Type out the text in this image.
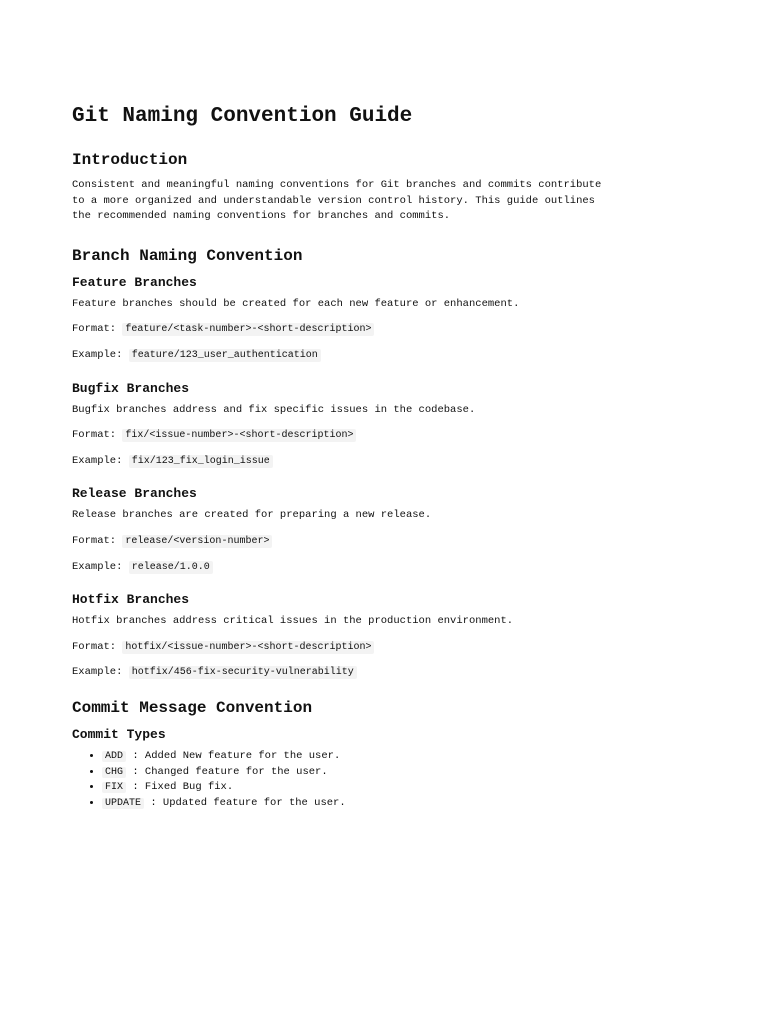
Git Naming Convention Guide
Introduction

Consistent and meaningful naming conventions for Git branches and commits contribute to a more organized and understandable version control history. This guide outlines the recommended naming conventions for branches and commits.

Branch Naming Convention
Feature Branches

Feature branches should be created for each new feature or enhancement.

Format: feature/<task-number>-<short-description>

Example: feature/123_user_authentication

Bugfix Branches

Bugfix branches address and fix specific issues in the codebase.

Format: fix/<issue-number>-<short-description>

Example: fix/123_fix_login_issue

Release Branches

Release branches are created for preparing a new release.

Format: release/<version-number>

Example: release/1.0.0

Hotfix Branches

Hotfix branches address critical issues in the production environment.

Format: hotfix/<issue-number>-<short-description>

Example: hotfix/456-fix-security-vulnerability

Commit Message Convention
Commit Types
• ADD : Added New feature for the user.
• CHG : Changed feature for the user.
• FIX : Fixed Bug fix.
• UPDATE : Updated feature for the user.
